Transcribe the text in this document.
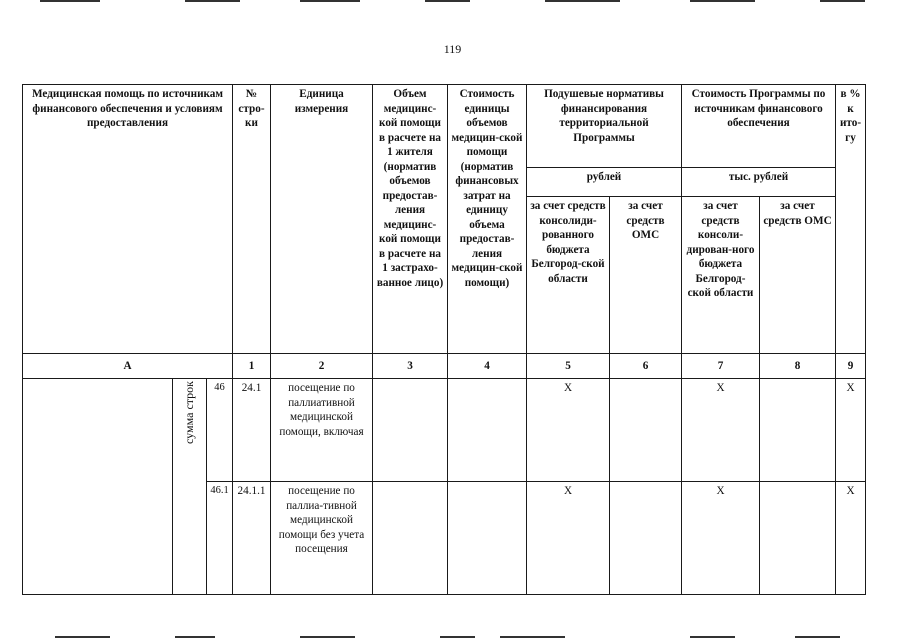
119
Медицинская помощь по источникам финансового обеспечения и условиям предоставления			№ стро-ки	Единица измерения	Объем медицинс-кой помощи в расчете на 1 жителя (норматив объемов предостав-ления медицинс-кой помощи в расчете на 1 застрахо-ванное лицо)	Стоимость единицы объемов медицин-ской помощи (норматив финансовых затрат на единицу объема предостав-ления медицин-ской помощи)	Подушевые нормативы финансирования территориальной Программы		Стоимость Программы по источникам финансового обеспечения		в % к ито-гу
							рублей		тыс. рублей		
							за счет средств консолиди-рованного бюджета Белгород-ской области	за счет средств ОМС	за счет средств консоли-дирован-ного бюджета Белгород-ской области	за счет средств ОМС	
А			1	2	3	4	5	6	7	8	9
	сумма строк	46	24.1	посещение по паллиативной медицинской помощи, включая			Х		Х		Х
		46.1	24.1.1	посещение по паллиа-тивной медицинской помощи без учета посещения			Х		Х		Х
